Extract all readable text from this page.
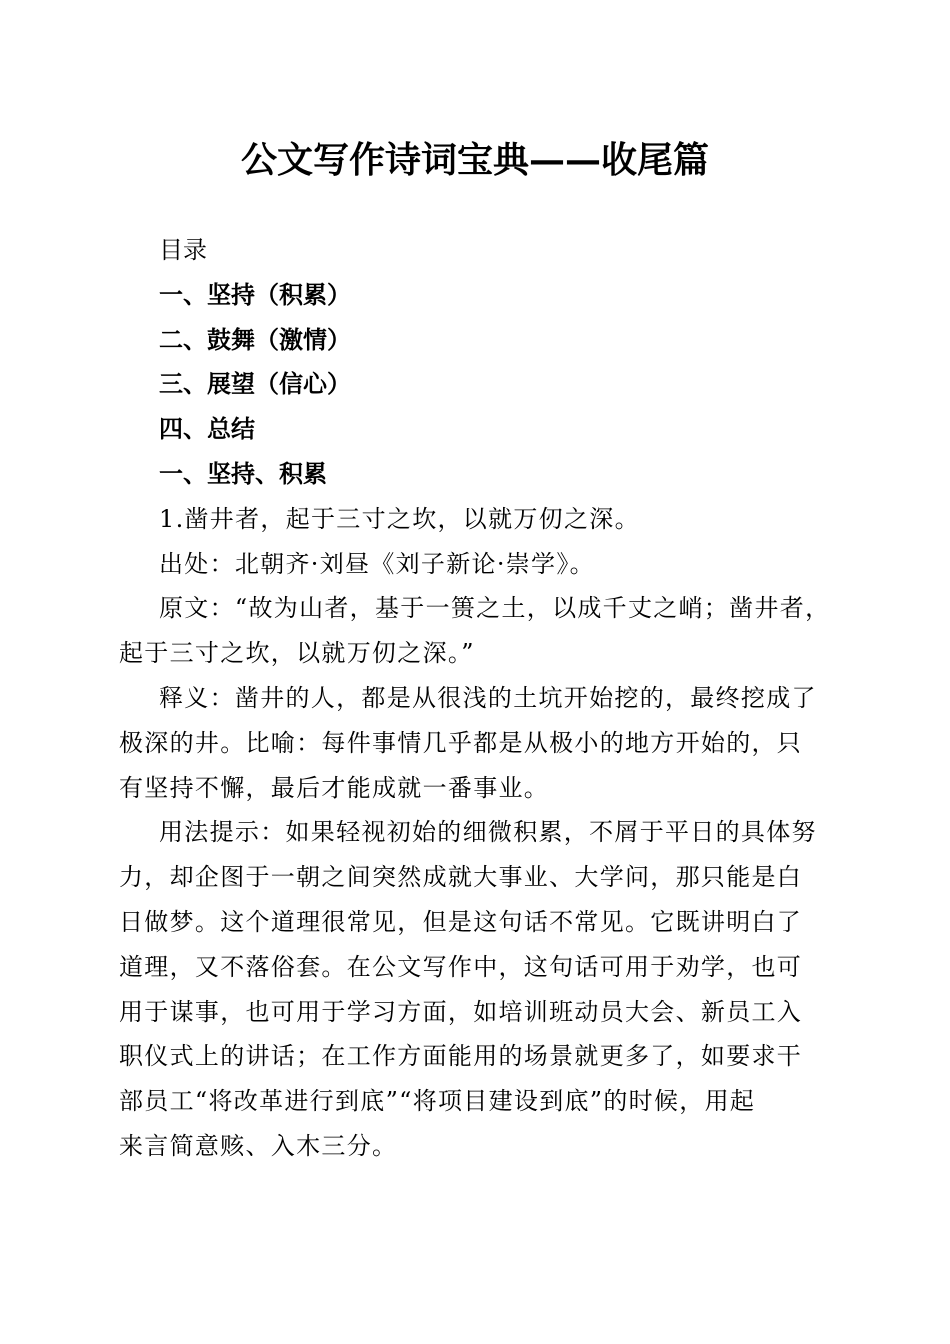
公文写作诗词宝典——收尾篇
目录
一、坚持（积累）
二、鼓舞（激情）
三、展望（信心）
四、总结
一、坚持、积累
1.凿井者，起于三寸之坎，以就万仞之深。
出处：北朝齐·刘昼《刘子新论·崇学》。
原文：“故为山者，基于一篑之土，以成千丈之峭；凿井者，
起于三寸之坎，以就万仞之深。”
释义：凿井的人，都是从很浅的土坑开始挖的，最终挖成了
极深的井。比喻：每件事情几乎都是从极小的地方开始的，只
有坚持不懈，最后才能成就一番事业。
用法提示：如果轻视初始的细微积累，不屑于平日的具体努
力，却企图于一朝之间突然成就大事业、大学问，那只能是白
日做梦。这个道理很常见，但是这句话不常见。它既讲明白了
道理，又不落俗套。在公文写作中，这句话可用于劝学，也可
用于谋事，也可用于学习方面，如培训班动员大会、新员工入
职仪式上的讲话；在工作方面能用的场景就更多了，如要求干
部员工“将改革进行到底”“将项目建设到底”的时候，用起
来言简意赅、入木三分。
